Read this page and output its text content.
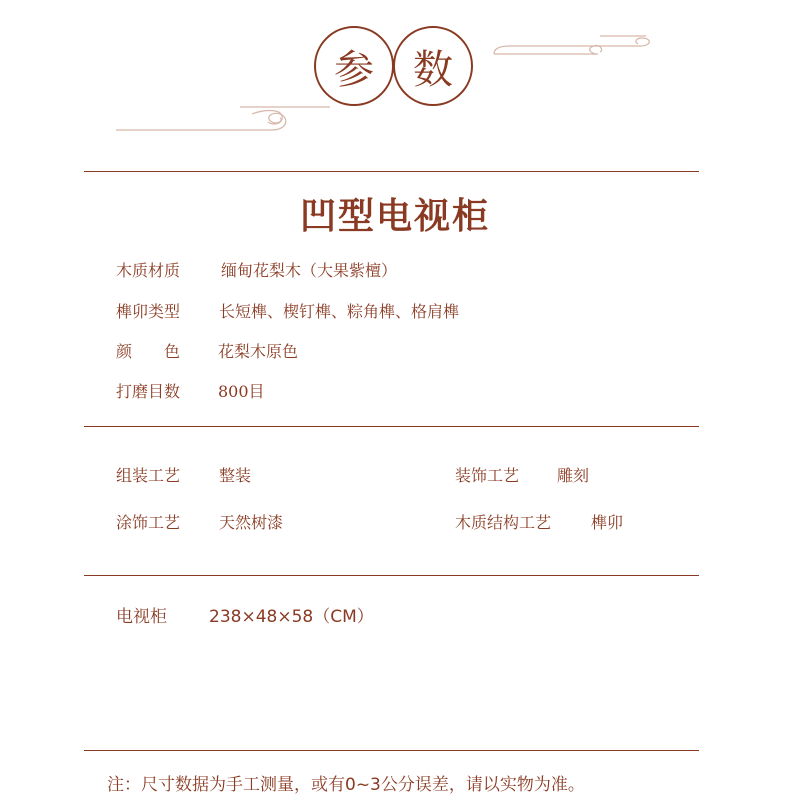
参 数
凹型电视柜
木质材质	缅甸花梨木（大果紫檀）
榫卯类型 长短榫、楔钉榫、粽角榫、格肩榫
颜　　色 花梨木原色
打磨目数 800目
组装工艺 整装	装饰工艺 雕刻
涂饰工艺 天然树漆	木质结构工艺 榫卯
电视柜 238×48×58（CM）
注：尺寸数据为手工测量，或有0~3公分误差，请以实物为准。
